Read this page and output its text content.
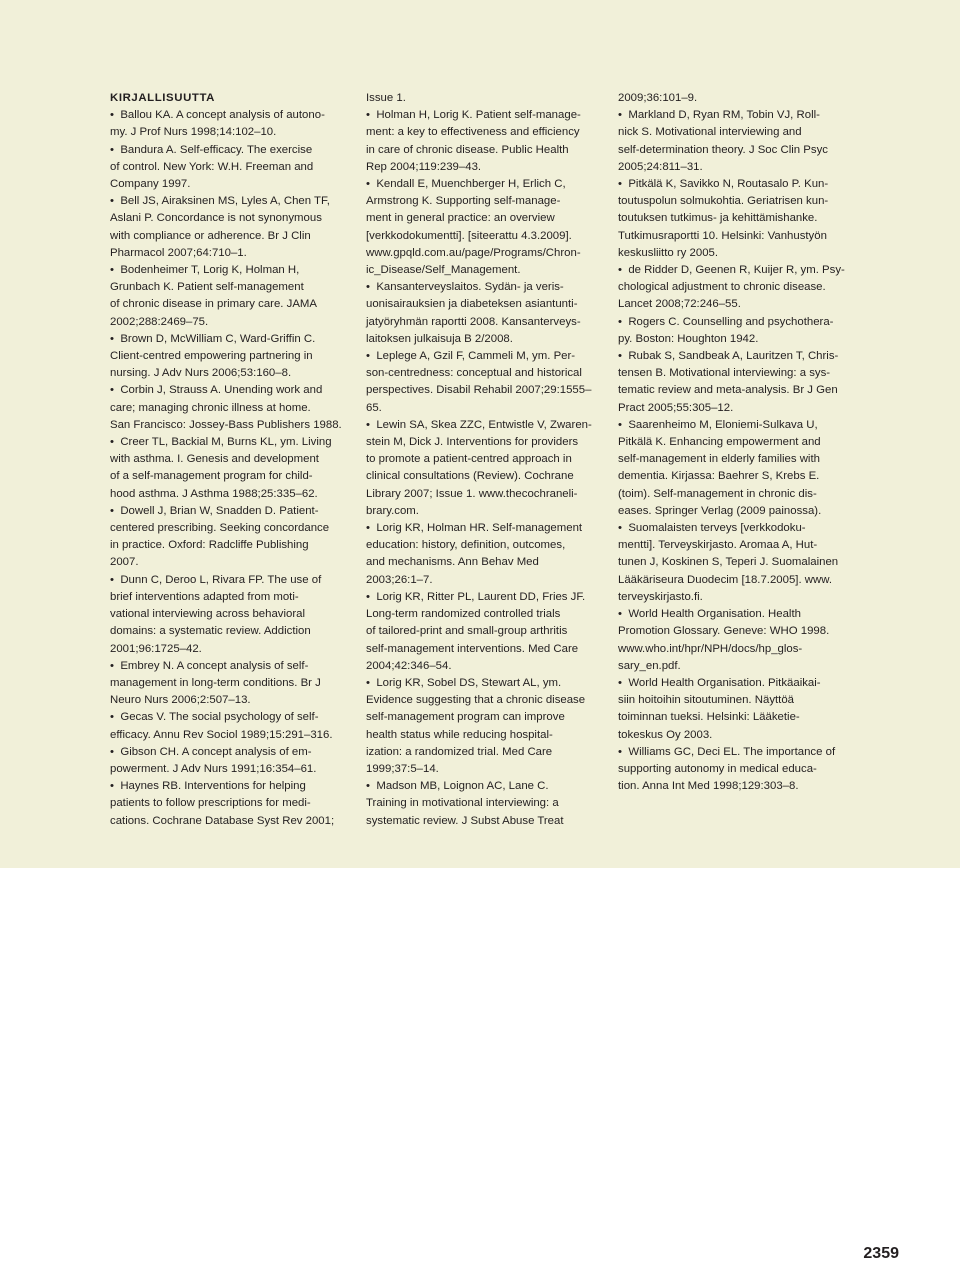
KIRJALLISUUTTA

•  Ballou KA. A concept analysis of autono-

my. J Prof Nurs 1998;14:102–10.

•  Bandura A. Self-efficacy. The exercise

of control. New York: W.H. Freeman and

Company 1997.

•  Bell JS, Airaksinen MS, Lyles A, Chen TF,

Aslani P. Concordance is not synonymous

with compliance or adherence. Br J Clin

Pharmacol 2007;64:710–1.

•  Bodenheimer T, Lorig K, Holman H,

Grunbach K. Patient self-management

of chronic disease in primary care. JAMA

2002;288:2469–75.

•  Brown D, McWilliam C, Ward-Griffin C.

Client-centred empowering partnering in

nursing. J Adv Nurs 2006;53:160–8.

•  Corbin J, Strauss A. Unending work and

care; managing chronic illness at home.

San Francisco: Jossey-Bass Publishers 1988.

•  Creer TL, Backial M, Burns KL, ym. Living

with asthma. I. Genesis and development

of a self-management program for child-

hood asthma. J Asthma 1988;25:335–62.

•  Dowell J, Brian W, Snadden D. Patient-

centered prescribing. Seeking concordance

in practice. Oxford: Radcliffe Publishing

2007.

•  Dunn C, Deroo L, Rivara FP. The use of

brief interventions adapted from moti-

vational interviewing across behavioral

domains: a systematic review. Addiction

2001;96:1725–42.

•  Embrey N. A concept analysis of self-

management in long-term conditions. Br J

Neuro Nurs 2006;2:507–13.

•  Gecas V. The social psychology of self-

efficacy. Annu Rev Sociol 1989;15:291–316.

•  Gibson CH. A concept analysis of em-

powerment. J Adv Nurs 1991;16:354–61.

•  Haynes RB. Interventions for helping

patients to follow prescriptions for medi-

cations. Cochrane Database Syst Rev 2001;

Issue 1.

•  Holman H, Lorig K. Patient self-manage-

ment: a key to effectiveness and efficiency

in care of chronic disease. Public Health

Rep 2004;119:239–43.

•  Kendall E, Muenchberger H, Erlich C,

Armstrong K. Supporting self-manage-

ment in general practice: an overview

[verkkodokumentti]. [siteerattu 4.3.2009].

www.gpqld.com.au/page/Programs/Chron-

ic_Disease/Self_Management.

•  Kansanterveyslaitos. Sydän- ja veris-

uonisairauksien ja diabeteksen asiantunti-

jatyöryhmän raportti 2008. Kansanterveys-

laitoksen julkaisuja B 2/2008.

•  Leplege A, Gzil F, Cammeli M, ym. Per-

son-centredness: conceptual and historical

perspectives. Disabil Rehabil 2007;29:1555–

65.

•  Lewin SA, Skea ZZC, Entwistle V, Zwaren-

stein M, Dick J. Interventions for providers

to promote a patient-centred approach in

clinical consultations (Review). Cochrane

Library 2007; Issue 1. www.thecochraneli-

brary.com.

•  Lorig KR, Holman HR. Self-management

education: history, definition, outcomes,

and mechanisms. Ann Behav Med

2003;26:1–7.

•  Lorig KR, Ritter PL, Laurent DD, Fries JF.

Long-term randomized controlled trials

of tailored-print and small-group arthritis

self-management interventions. Med Care

2004;42:346–54.

•  Lorig KR, Sobel DS, Stewart AL, ym.

Evidence suggesting that a chronic disease

self-management program can improve

health status while reducing hospital-

ization: a randomized trial. Med Care

1999;37:5–14.

•  Madson MB, Loignon AC, Lane C.

Training in motivational interviewing: a

systematic review. J Subst Abuse Treat

2009;36:101–9.

•  Markland D, Ryan RM, Tobin VJ, Roll-

nick S. Motivational interviewing and

self-determination theory. J Soc Clin Psyc

2005;24:811–31.

•  Pitkälä K, Savikko N, Routasalo P. Kun-

toutuspolun solmukohtia. Geriatrisen kun-

toutuksen tutkimus- ja kehittämishanke.

Tutkimusraportti 10. Helsinki: Vanhustyön

keskusliitto ry 2005.

•  de Ridder D, Geenen R, Kuijer R, ym. Psy-

chological adjustment to chronic disease.

Lancet 2008;72:246–55.

•  Rogers C. Counselling and psychothera-

py. Boston: Houghton 1942.

•  Rubak S, Sandbeak A, Lauritzen T, Chris-

tensen B. Motivational interviewing: a sys-

tematic review and meta-analysis. Br J Gen

Pract 2005;55:305–12.

•  Saarenheimo M, Eloniemi-Sulkava U,

Pitkälä K. Enhancing empowerment and

self-management in elderly families with

dementia. Kirjassa: Baehrer S, Krebs E.

(toim). Self-management in chronic dis-

eases. Springer Verlag (2009 painossa).

•  Suomalaisten terveys [verkkodoku-

mentti]. Terveyskirjasto. Aromaa A, Hut-

tunen J, Koskinen S, Teperi J. Suomalainen

Lääkäriseura Duodecim [18.7.2005]. www.

terveyskirjasto.fi.

•  World Health Organisation. Health

Promotion Glossary. Geneve: WHO 1998.

www.who.int/hpr/NPH/docs/hp_glos-

sary_en.pdf.

•  World Health Organisation. Pitkäaikai-

siin hoitoihin sitoutuminen. Näyttöä

toiminnan tueksi. Helsinki: Lääketie-

tokeskus Oy 2003.

•  Williams GC, Deci EL. The importance of

supporting autonomy in medical educa-

tion. Anna Int Med 1998;129:303–8.

2359
